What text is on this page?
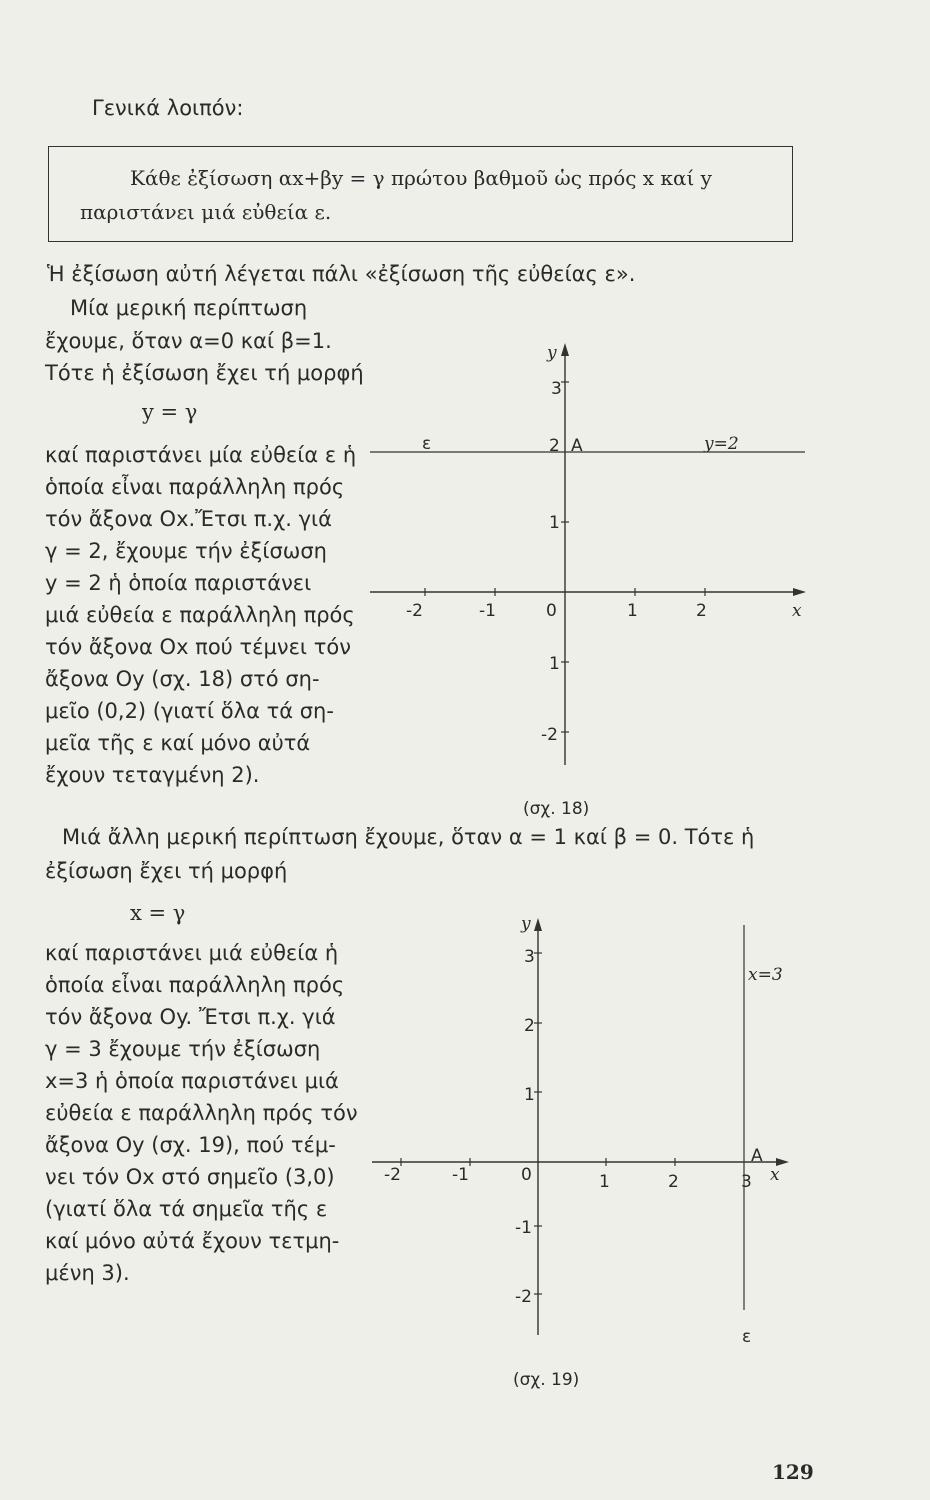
Γενικά λοιπόν:
Κάθε ἐξίσωση αx+βy = γ πρώτου βαθμοῦ ὡς πρός x καί y
παριστάνει μιά εὐθεία ε.
Ἡ ἐξίσωση αὐτή λέγεται πάλι «ἐξίσωση τῆς εὐθείας ε».
Μία μερική περίπτωση
ἔχουμε, ὅταν α=0 καί β=1.
Τότε ἡ ἐξίσωση ἔχει τή μορφή
y = γ
καί παριστάνει μία εὐθεία ε ἡ
ὁποία εἶναι παράλληλη πρός
τόν ἄξονα Ox.Ἔτσι π.χ. γιά
γ = 2, ἔχουμε τήν ἐξίσωση
y = 2 ἡ ὁποία παριστάνει
μιά εὐθεία ε παράλληλη πρός
τόν ἄξονα Ox πού τέμνει τόν
ἄξονα Oy (σχ. 18) στό ση-
μεῖο (0,2) (γιατί ὅλα τά ση-
μεῖα τῆς ε καί μόνο αὐτά
ἔχουν τεταγμένη 2).
y
3
2 A
1
1
-2
-2	-1	0	1	2	x
ε	y=2
(σχ. 18)
y
3
2
1
-1
-2
-2	-1	0	1	2	3
A
x
x=3
ε
(σχ. 19)
Μιά ἄλλη μερική περίπτωση ἔχουμε, ὅταν α = 1 καί β = 0. Τότε ἡ
ἐξίσωση ἔχει τή μορφή
x = γ
καί παριστάνει μιά εὐθεία ἡ
ὁποία εἶναι παράλληλη πρός
τόν ἄξονα Oy. Ἔτσι π.χ. γιά
γ = 3 ἔχουμε τήν ἐξίσωση
x=3 ἡ ὁποία παριστάνει μιά
εὐθεία ε παράλληλη πρός τόν
ἄξονα Oy (σχ. 19), πού τέμ-
νει τόν Ox στό σημεῖο (3,0)
(γιατί ὅλα τά σημεῖα τῆς ε
καί μόνο αὐτά ἔχουν τετμη-
μένη 3).
129
